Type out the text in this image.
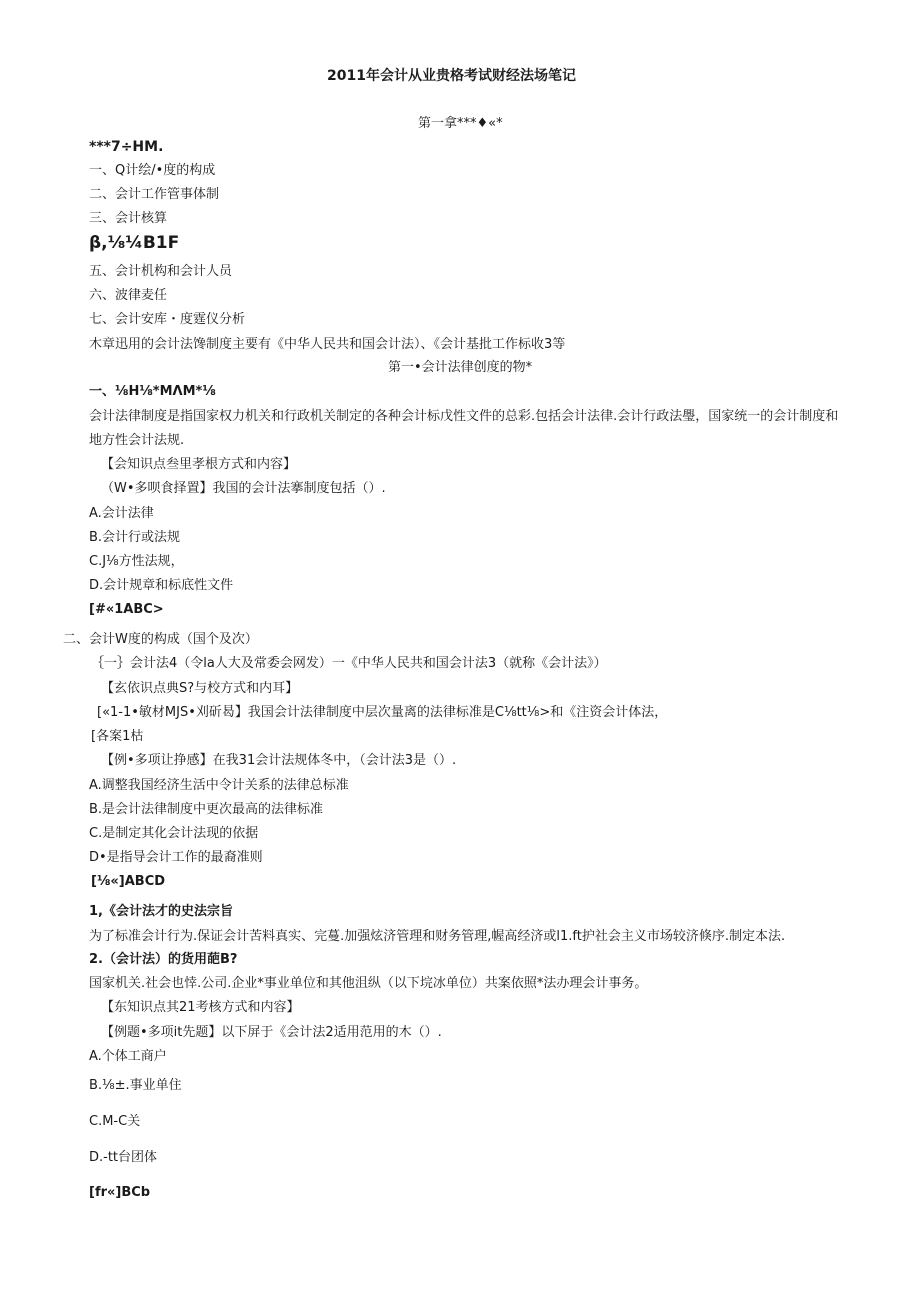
2011年会计从业贵格考试财经法场笔记
第一拿***♦«*
***7÷HM.
一、Q计绘/•度的构成
二、会计工作管事体制
三、会计核算
β,⅛¼B1F
五、会计机构和会计人员
六、波律麦任
七、会计安库・度霆仪分析
木章迅用的会计法馋制度主要有《中华人民共和国会计法）、《会计基批工作标收3等
第一•会计法律创度的物*
一、⅛H⅛*MΛM*⅛
会计法律制度是指国家权力机关和行政机关制定的各种会计标戊性文件的总彩.包括会计法律.会计行政法璺，国家统一的会计制度和
地方性会计法规.
【会知识点叁里孝根方式和内容】
（W•多呗食择置】我国的会计法搴制度包括（）.
A.会计法律
B.会计行或法规
C.J⅛方性法规，
D.会计规章和标底性文件
[#«1ABC>
二、会计W度的构成（国个及次）
｛一｝会计法4（令la人大及常委会网发）一《中华人民共和国会计法3（就称《会计法》）
【玄依识点典S?与校方式和内耳】
[«1-1•敏材MJS•刈斫曷】我国会计法律制度中层次量离的法律标准是C⅛tt⅛>和《注资会计体法，
[各案1枯
【例•多项让挣感】在我31会计法规体冬中，（会计法3是（）.
A.调整我国经济生活中令计关系的法律总标准
B.是会计法律制度中更次最高的法律标准
C.是制定其化会计法现的依据
D•是指导会计工作的最裔准则
[⅛«]ABCD
1,《会计法才的史法宗旨
为了标准会计行为.保证会计苦料真实、完蔓.加强炫济管理和财务管理,幄高经济或l1.ft护社会主义市场较济倏序.制定本法.
2.（会计法）的货用葩B?
国家机关.社会也悻.公司.企业*事业单位和其他沮纵（以下垸冰单位）共案依照*法办理会计事务。
【东知识点其21考核方式和内容】
【例题•多项it先题】以下屏于《会计法2适用范用的木（）.
A.个体工商户
B.⅛±.事业单住
C.M-C关
D.-tt台团体
[fr«]BCb
